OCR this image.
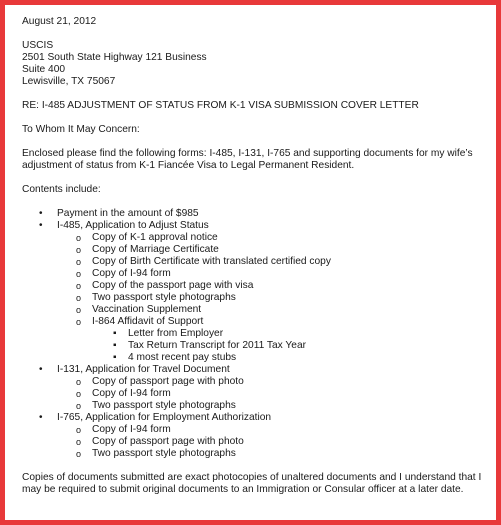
August 21, 2012
USCIS
2501 South State Highway 121 Business
Suite 400
Lewisville, TX 75067
RE: I-485 ADJUSTMENT OF STATUS FROM K-1 VISA SUBMISSION COVER LETTER
To Whom It May Concern:
Enclosed please find the following forms: I-485, I-131, I-765 and supporting documents for my wife’s adjustment of status from K-1 Fiancée Visa to Legal Permanent Resident.
Contents include:
• Payment in the amount of $985
• I-485, Application to Adjust Status
o Copy of K-1 approval notice
o Copy of Marriage Certificate
o Copy of Birth Certificate with translated certified copy
o Copy of I-94 form
o Copy of the passport page with visa
o Two passport style photographs
o Vaccination Supplement
o I-864 Affidavit of Support
▪ Letter from Employer
▪ Tax Return Transcript for 2011 Tax Year
▪ 4 most recent pay stubs
• I-131, Application for Travel Document
o Copy of passport page with photo
o Copy of I-94 form
o Two passport style photographs
• I-765, Application for Employment Authorization
o Copy of I-94 form
o Copy of passport page with photo
o Two passport style photographs
Copies of documents submitted are exact photocopies of unaltered documents and I understand that I may be required to submit original documents to an Immigration or Consular officer at a later date.
